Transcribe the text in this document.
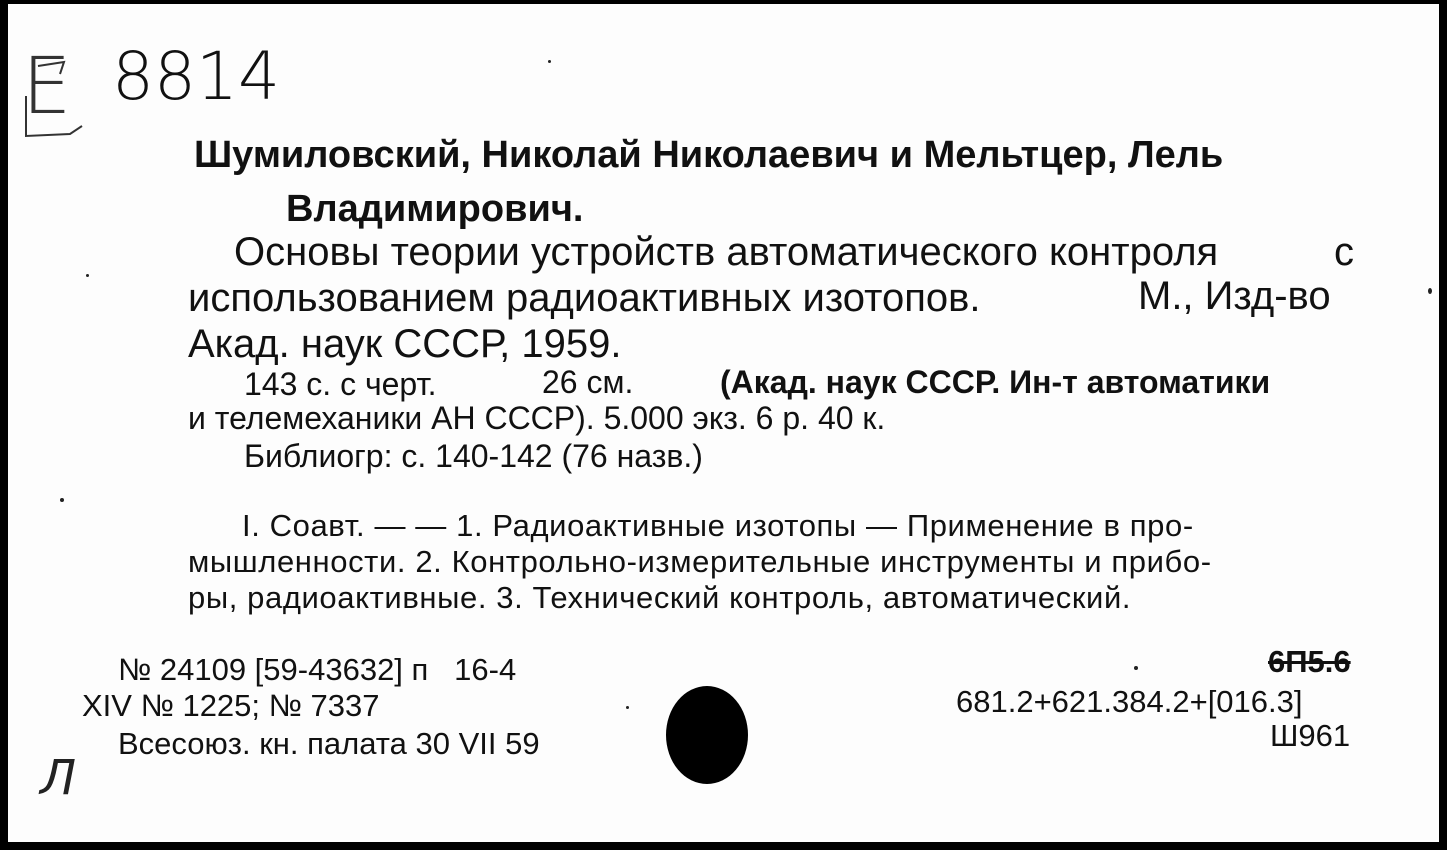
E 8814
Шумиловский, Николай Николаевич и Мельтцер, Лель
Владимирович.
Основы теории устройств автоматического контроля	с
использованием радиоактивных изотопов.	М., Изд-во
Акад. наук СССР, 1959.
143 с. с черт.	26 см.	(Акад. наук СССР. Ин-т автоматики
и телемеханики АН СССР). 5.000 экз. 6 р. 40 к.
Библиогр: с. 140-142 (76 назв.)
I. Соавт. — — 1. Радиоактивные изотопы — Применение в про-
мышленности. 2. Контрольно-измерительные инструменты и прибо-
ры, радиоактивные. 3. Технический контроль, автоматический.
№ 24109 [59-43632] п   16-4
XIV № 1225; № 7337
Всесоюз. кн. палата 30 VII 59
6П5.6
681.2+621.384.2+[016.3]
Ш961
Л
